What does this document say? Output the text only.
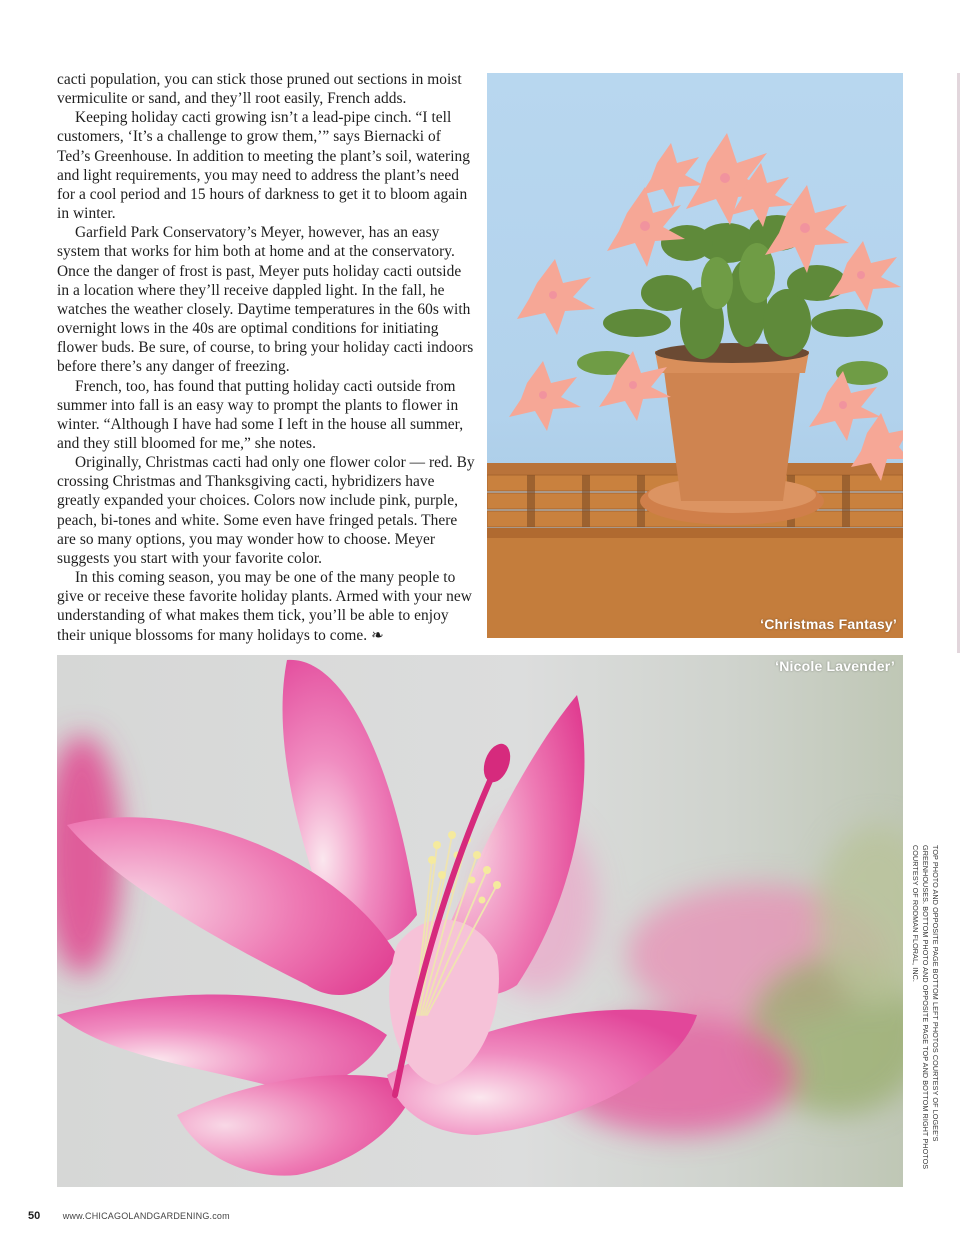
cacti population, you can stick those pruned out sections in moist vermiculite or sand, and they’ll root easily, French adds.

Keeping holiday cacti growing isn’t a lead-pipe cinch. “I tell customers, ‘It’s a challenge to grow them,’” says Biernacki of Ted’s Greenhouse. In addition to meeting the plant’s soil, watering and light requirements, you may need to address the plant’s need for a cool period and 15 hours of darkness to get it to bloom again in winter.

Garfield Park Conservatory’s Meyer, however, has an easy system that works for him both at home and at the conservatory. Once the danger of frost is past, Meyer puts holiday cacti outside in a location where they’ll receive dappled light. In the fall, he watches the weather closely. Daytime temperatures in the 60s with overnight lows in the 40s are optimal conditions for initiating flower buds. Be sure, of course, to bring your holiday cacti indoors before there’s any danger of freezing.

French, too, has found that putting holiday cacti outside from summer into fall is an easy way to prompt the plants to flower in winter. “Although I have had some I left in the house all summer, and they still bloomed for me,” she notes.

Originally, Christmas cacti had only one flower color — red. By crossing Christmas and Thanksgiving cacti, hybridizers have greatly expanded your choices. Colors now include pink, purple, peach, bi-tones and white. Some even have fringed petals. There are so many options, you may wonder how to choose. Meyer suggests you start with your favorite color.

In this coming season, you may be one of the many people to give or receive these favorite holiday plants. Armed with your new understanding of what makes them tick, you’ll be able to enjoy their unique blossoms for many holidays to come. ❧

‘Christmas Fantasy’
‘Nicole Lavender’
TOP PHOTO AND OPPOSITE PAGE BOTTOM LEFT PHOTOS COURTESY OF LOGEE’S GREENHOUSES. BOTTOM PHOTO AND OPPOSITE PAGE TOP AND BOTTOM RIGHT PHOTOS COURTESY OF RODMAN FLORAL, INC.
50 www.CHICAGOLANDGARDENING.com
